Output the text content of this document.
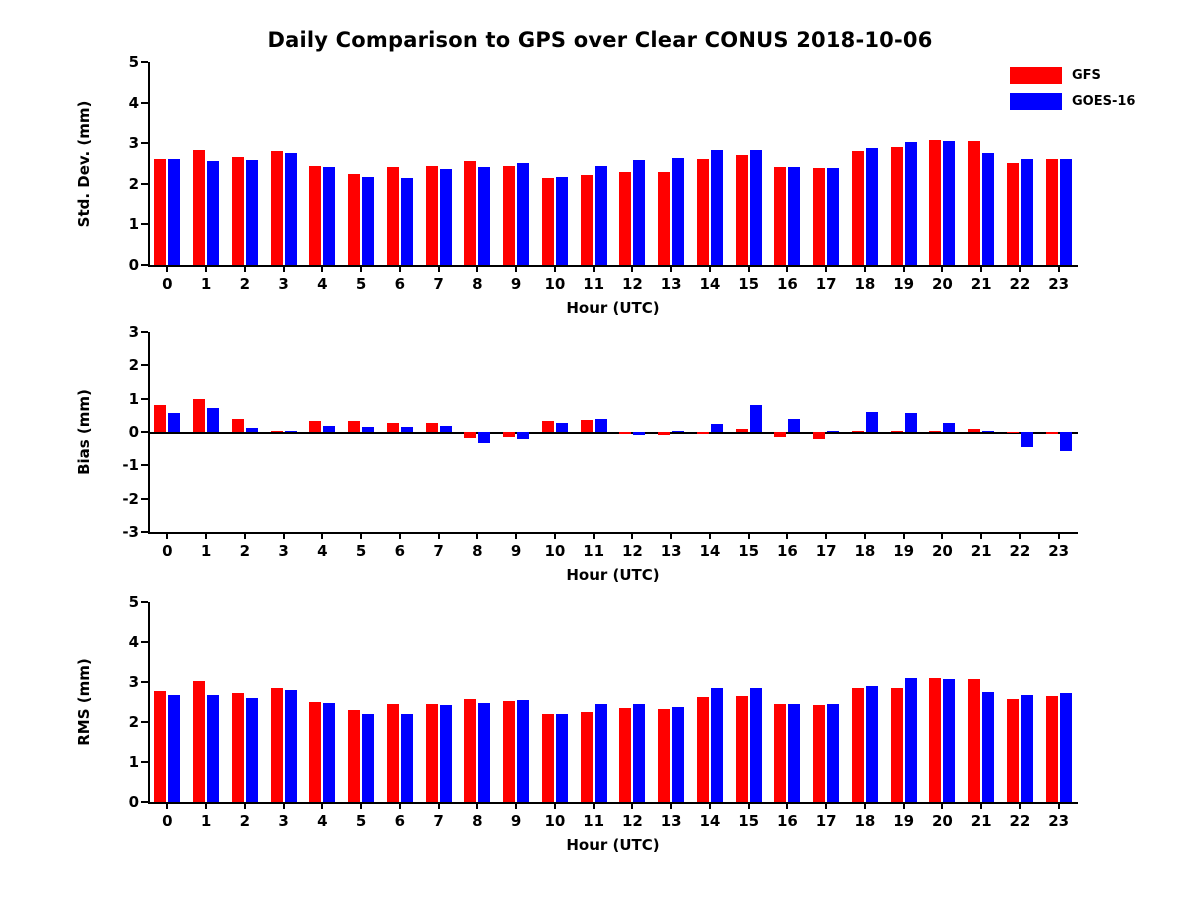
Daily Comparison to GPS over Clear CONUS 2018-10-06
GFS
GOES-16
0
1
2
3
4
5
Std. Dev. (mm)
0 1 2 3 4 5 6 7 8 9 10 11 12 13 14 15 16 17 18 19 20 21 22 23
Hour (UTC)
-3
-2
-1
0
1
2
3
Bias (mm)
0 1 2 3 4 5 6 7 8 9 10 11 12 13 14 15 16 17 18 19 20 21 22 23
Hour (UTC)
0
1
2
3
4
5
RMS (mm)
0 1 2 3 4 5 6 7 8 9 10 11 12 13 14 15 16 17 18 19 20 21 22 23
Hour (UTC)
